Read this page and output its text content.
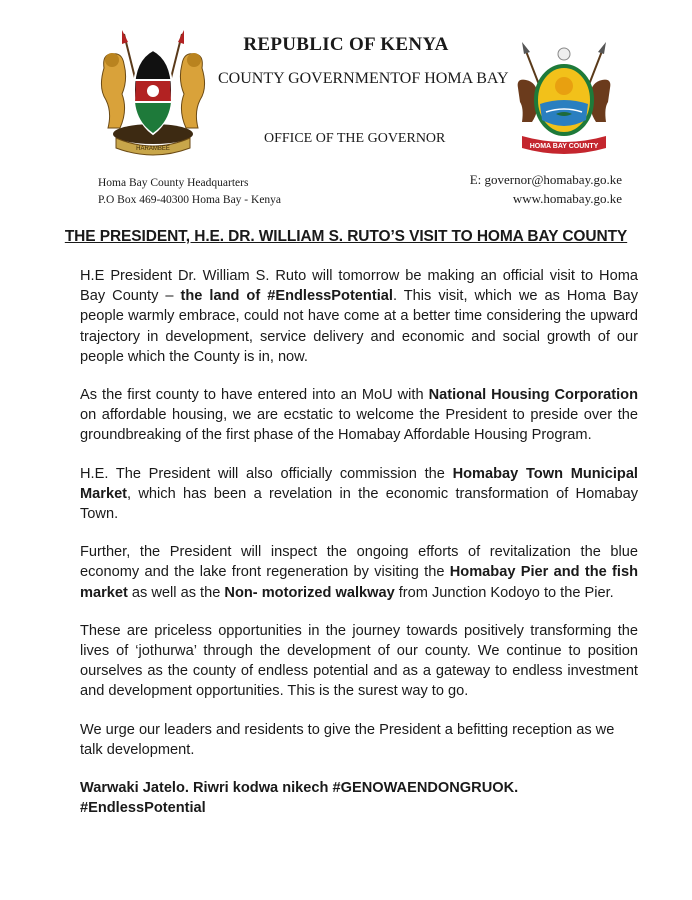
REPUBLIC OF KENYA
COUNTY GOVERNMENTOF HOMA BAY
OFFICE OF THE GOVERNOR
HARAMBEE	HOMA BAY COUNTY
Homa Bay County Headquarters
P.O Box 469-40300 Homa Bay - Kenya
E: governor@homabay.go.ke
www.homabay.go.ke
THE PRESIDENT, H.E. DR. WILLIAM S. RUTO’S VISIT TO HOMA BAY COUNTY

H.E President Dr. William S. Ruto will tomorrow be making an official visit to Homa Bay County – the land of #EndlessPotential. This visit, which we as Homa Bay people warmly embrace, could not have come at a better time considering the upward trajectory in development, service delivery and economic and social growth of our people which the County is in, now.

As the first county to have entered into an MoU with National Housing Corporation on affordable housing, we are ecstatic to welcome the President to preside over the groundbreaking of the first phase of the Homabay Affordable Housing Program.

H.E. The President will also officially commission the Homabay Town Municipal Market, which has been a revelation in the economic transformation of Homabay Town.

Further, the President will inspect the ongoing efforts of revitalization the blue economy and the lake front regeneration by visiting the Homabay Pier and the fish market as well as the Non- motorized walkway from Junction Kodoyo to the Pier.

These are priceless opportunities in the journey towards positively transforming the lives of ‘jothurwa’ through the development of our county. We continue to position ourselves as the county of endless potential and as a gateway to endless investment and development opportunities. This is the surest way to go.

We urge our leaders and residents to give the President a befitting reception as we talk development.

Warwaki Jatelo. Riwri kodwa nikech #GENOWAENDONGRUOK.
#EndlessPotential
